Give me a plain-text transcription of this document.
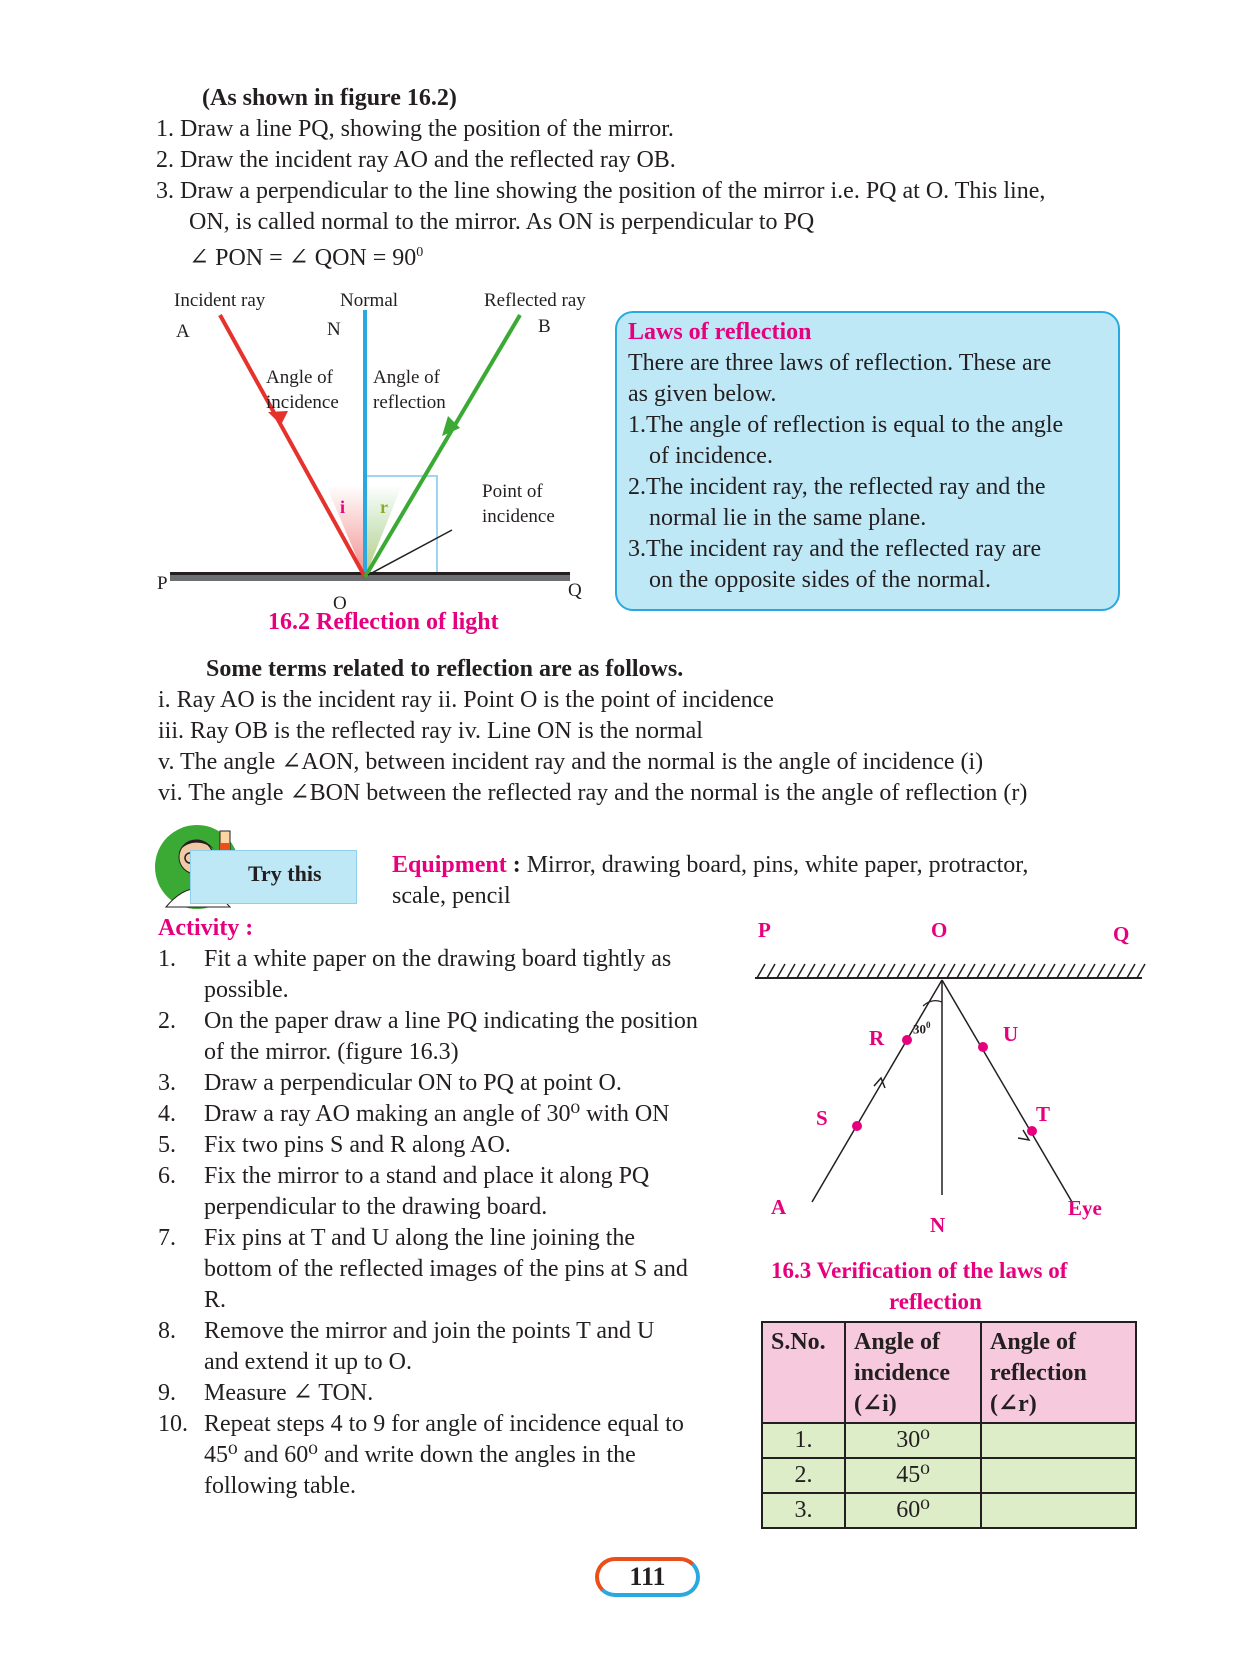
(As shown in figure 16.2)
1. Draw a line PQ, showing the position of the mirror.
2. Draw the incident ray AO and the reflected ray OB.
3. Draw a perpendicular to the line showing the position of the mirror i.e. PQ at O. This line,
ON, is called normal to the mirror. As ON is perpendicular to PQ
∠ PON = ∠ QON = $90^0$
Incident ray	Normal	Reflected ray
A	N	B
Angle of
incidence
Angle of
reflection
Point of
incidence
i r
P	Q
O
16.2 Reflection of light
Laws of reflection
There are three laws of reflection. These are
as given below.
1.The angle of reflection is equal to the angle
of incidence.
2.The incident ray, the reflected ray and the
normal lie in the same plane.
3.The incident ray and the reflected ray are
on the opposite sides of the normal.
Some terms related to reflection are as follows.
i. Ray AO is the incident ray ii. Point O is the point of incidence
iii. Ray OB is the reflected ray iv. Line ON is the normal
v. The angle ∠AON, between incident ray and the normal is the angle of incidence (i)
vi. The angle ∠BON between the reflected ray and the normal is the angle of reflection (r)
Try this	Equipment : Mirror, drawing board, pins, white paper, protractor,
scale, pencil
Activity :
1. Fit a white paper on the drawing board tightly as
possible.
2. On the paper draw a line PQ indicating the position
of the mirror. (figure 16.3)
3. Draw a perpendicular ON to PQ at point O.
4. Draw a ray AO making an angle of 30⁰ with ON
5. Fix two pins S and R along AO.
6. Fix the mirror to a stand and place it along PQ
perpendicular to the drawing board.
7. Fix pins at T and U along the line joining the
bottom of the reflected images of the pins at S and
R.
8. Remove the mirror and join the points T and U
and extend it up to O.
9. Measure ∠ TON.
10. Repeat steps 4 to 9 for angle of incidence equal to
45⁰ and 60⁰ and write down the angles in the
following table.
P	O	Q
R $30^0$	U
S	T
A
N
Eye
16.3 Verification of the laws of
reflection
S.No.	Angle of
incidence
(∠i)	Angle of
reflection
(∠r)
1.	30⁰	
2.	45⁰	
3.	60⁰	
111
